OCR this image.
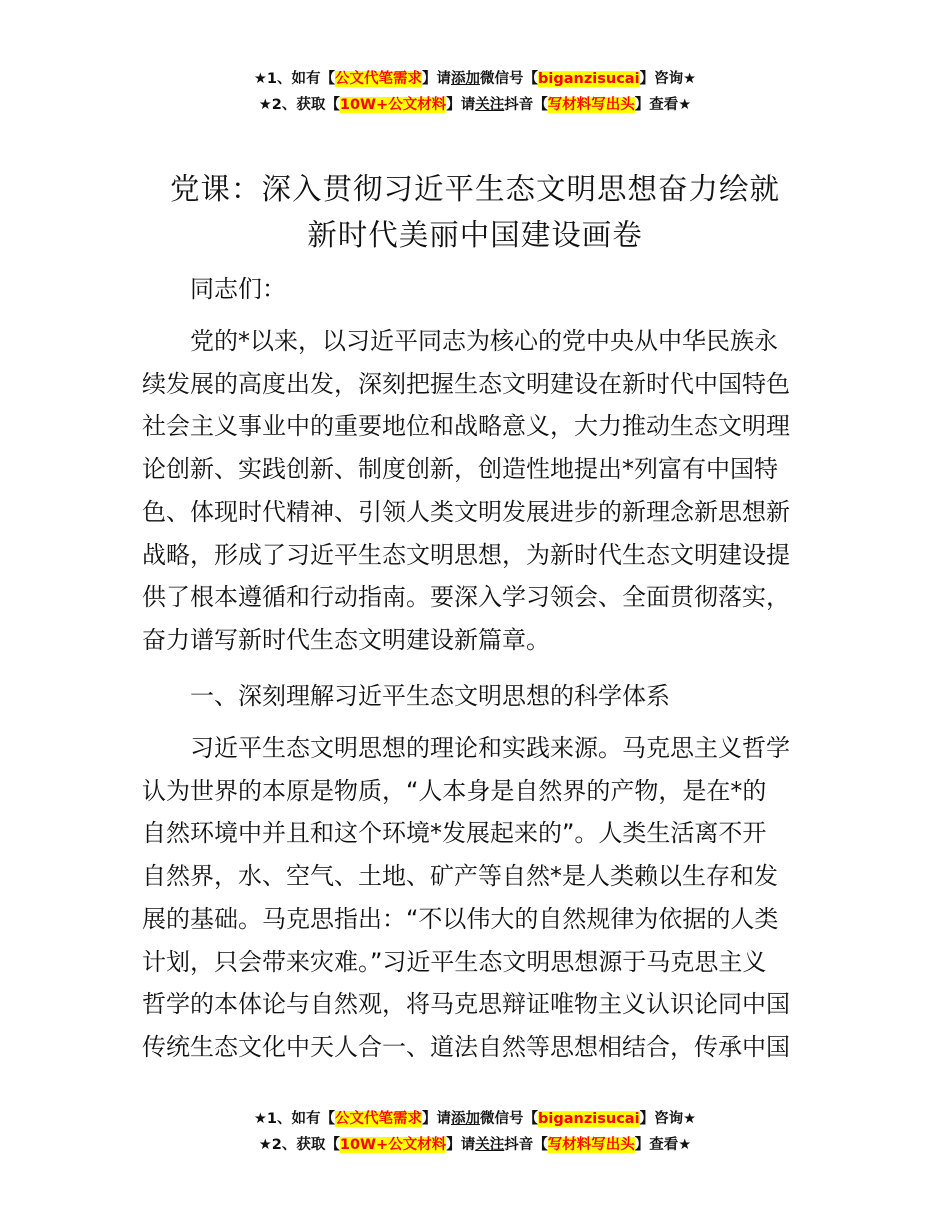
★1、如有【公文代笔需求】请添加微信号【biganzisucai】咨询★
★2、获取【10W+公文材料】请关注抖音【写材料写出头】查看★
党课：深入贯彻习近平生态文明思想奋力绘就
新时代美丽中国建设画卷

　　同志们：

　　党的*以来，以习近平同志为核心的党中央从中华民族永
续发展的高度出发，深刻把握生态文明建设在新时代中国特色
社会主义事业中的重要地位和战略意义，大力推动生态文明理
论创新、实践创新、制度创新，创造性地提出*列富有中国特
色、体现时代精神、引领人类文明发展进步的新理念新思想新
战略，形成了习近平生态文明思想，为新时代生态文明建设提
供了根本遵循和行动指南。要深入学习领会、全面贯彻落实，
奋力谱写新时代生态文明建设新篇章。

　　一、深刻理解习近平生态文明思想的科学体系

　　习近平生态文明思想的理论和实践来源。马克思主义哲学
认为世界的本原是物质，“人本身是自然界的产物，是在*的
自然环境中并且和这个环境*发展起来的”。人类生活离不开
自然界，水、空气、土地、矿产等自然*是人类赖以生存和发
展的基础。马克思指出：“不以伟大的自然规律为依据的人类
计划，只会带来灾难。”习近平生态文明思想源于马克思主义
哲学的本体论与自然观，将马克思辩证唯物主义认识论同中国
传统生态文化中天人合一、道法自然等思想相结合，传承中国

★1、如有【公文代笔需求】请添加微信号【biganzisucai】咨询★
★2、获取【10W+公文材料】请关注抖音【写材料写出头】查看★
